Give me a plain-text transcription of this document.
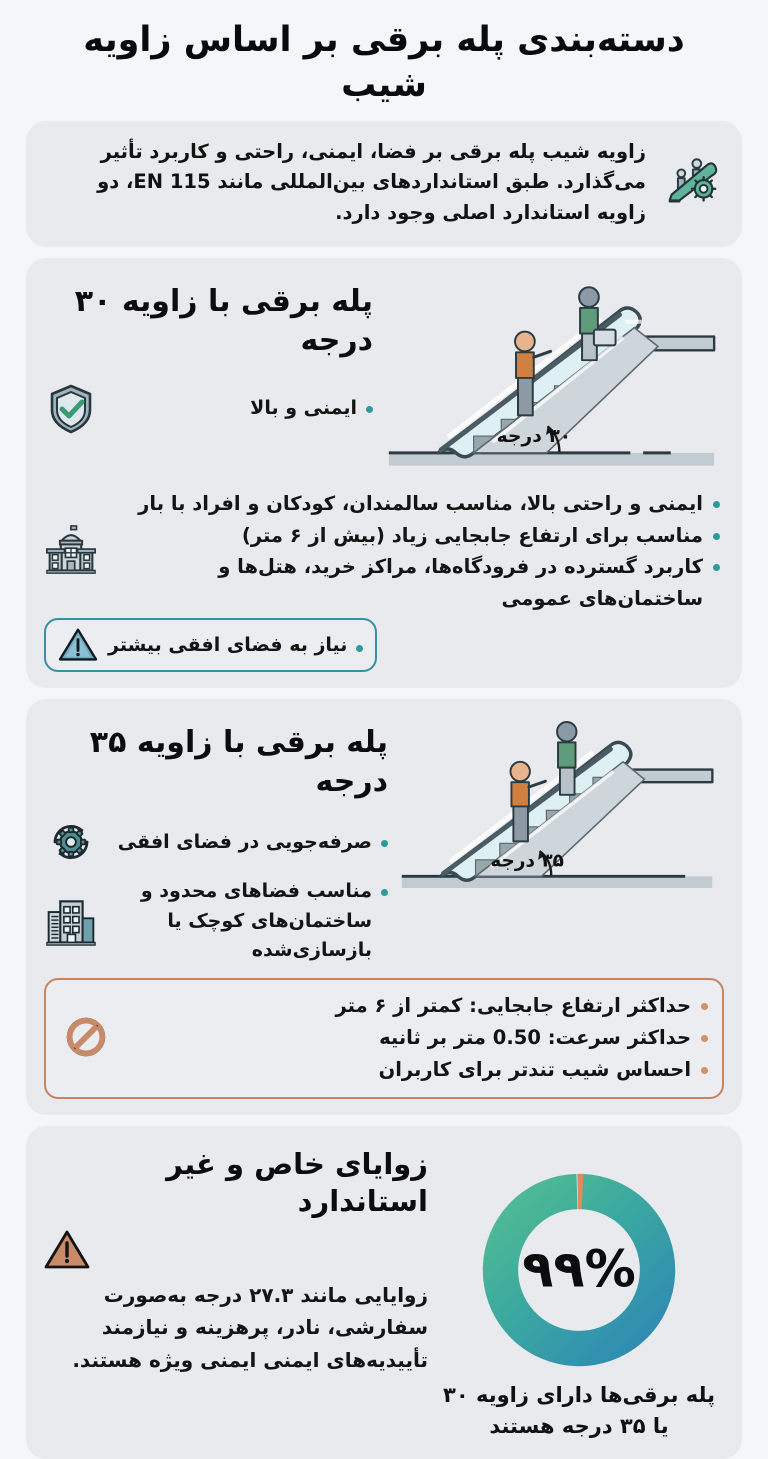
دسته‌بندی پله برقی بر اساس زاویه شیب
زاویه شیب پله برقی بر فضا، ایمنی، راحتی و کاربرد تأثیر می‌گذارد. طبق استانداردهای بین‌المللی مانند EN 115، دو زاویه استاندارد اصلی وجود دارد.
۳۰ درجه
پله برقی با زاویه ۳۰ درجه
ایمنی و بالا
ایمنی و راحتی بالا، مناسب سالمندان، کودکان و افراد با بار
مناسب برای ارتفاع جابجایی زیاد (بیش از ۶ متر)
کاربرد گسترده در فرودگاه‌ها، مراکز خرید، هتل‌ها و ساختمان‌های عمومی
نیاز به فضای افقی بیشتر
۳۵ درجه
پله برقی با زاویه ۳۵ درجه
صرفه‌جویی در فضای افقی
مناسب فضاهای محدود و ساختمان‌های کوچک یا بازسازی‌شده
حداکثر ارتفاع جابجایی: کمتر از ۶ متر
حداکثر سرعت: 0.50 متر بر ثانیه
احساس شیب تندتر برای کاربران
۹۹%
پله برقی‌ها دارای زاویه ۳۰ یا ۳۵ درجه هستند
زوایای خاص و غیر استاندارد
زوایایی مانند ۲۷.۳ درجه به‌صورت سفارشی، نادر، پرهزینه و نیازمند تأییدیه‌های ایمنی ایمنی ویژه هستند.
